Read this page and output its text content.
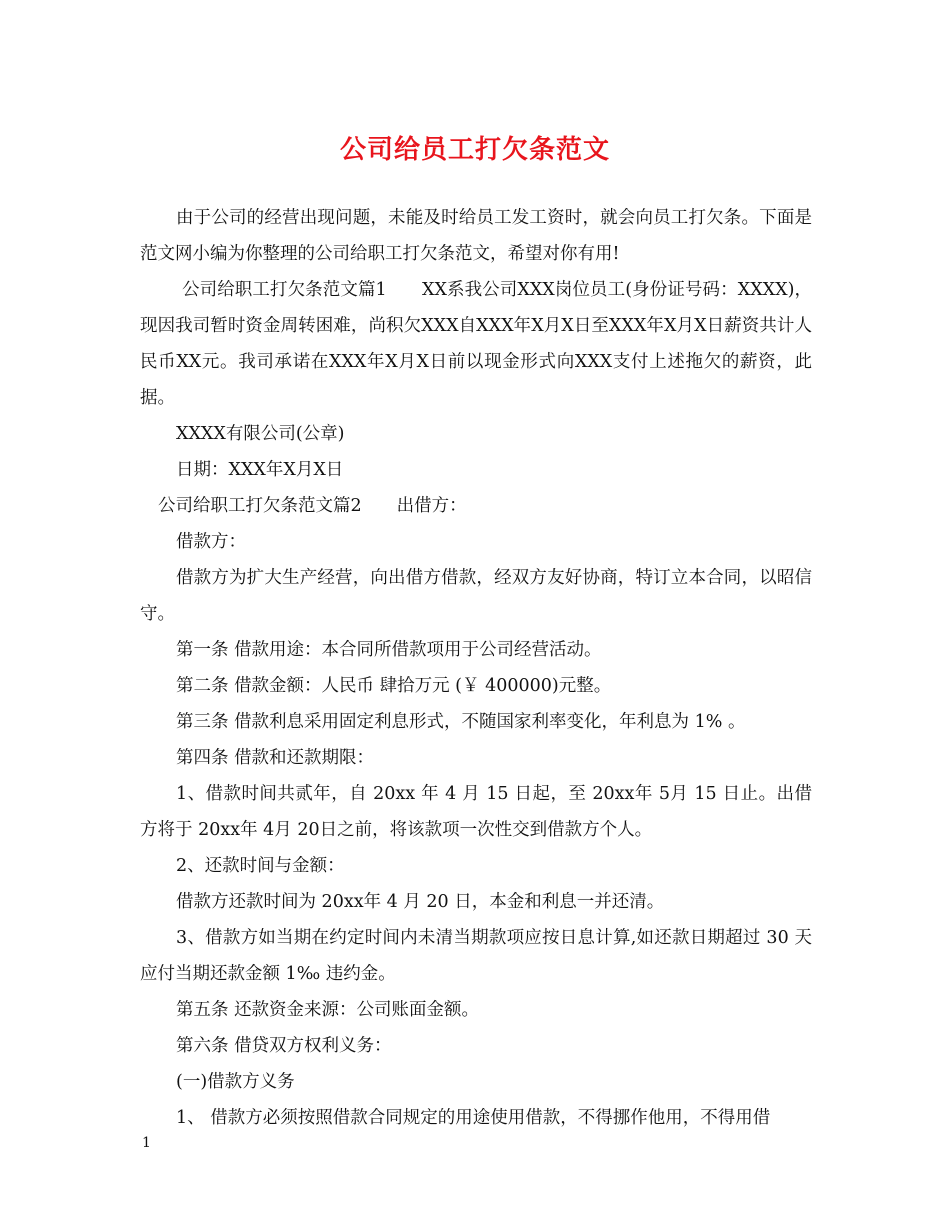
公司给员工打欠条范文

由于公司的经营出现问题，未能及时给员工发工资时，就会向员工打欠条。下面是范文网小编为你整理的公司给职工打欠条范文，希望对你有用!

公司给职工打欠条范文篇1　　XX系我公司XXX岗位员工(身份证号码：XXXX)，现因我司暂时资金周转困难，尚积欠XXX自XXX年X月X日至XXX年X月X日薪资共计人民币XX元。我司承诺在XXX年X月X日前以现金形式向XXX支付上述拖欠的薪资，此据。

XXXX有限公司(公章)

日期：XXX年X月X日

公司给职工打欠条范文篇2　　出借方：

借款方：

借款方为扩大生产经营，向出借方借款，经双方友好协商，特订立本合同，以昭信守。

第一条 借款用途：本合同所借款项用于公司经营活动。

第二条 借款金额：人民币 肆拾万元 (￥ 400000)元整。

第三条 借款利息采用固定利息形式，不随国家利率变化，年利息为 1% 。

第四条 借款和还款期限：

1、借款时间共贰年，自 20xx 年 4 月 15 日起，至 20xx年 5月 15 日止。出借方将于 20xx年 4月 20日之前，将该款项一次性交到借款方个人。

2、还款时间与金额：

借款方还款时间为 20xx年 4 月 20 日，本金和利息一并还清。

3、借款方如当期在约定时间内未清当期款项应按日息计算,如还款日期超过 30 天应付当期还款金额 1‰ 违约金。

第五条 还款资金来源：公司账面金额。

第六条 借贷双方权利义务：

(一)借款方义务

1、 借款方必须按照借款合同规定的用途使用借款，不得挪作他用，不得用借

1
